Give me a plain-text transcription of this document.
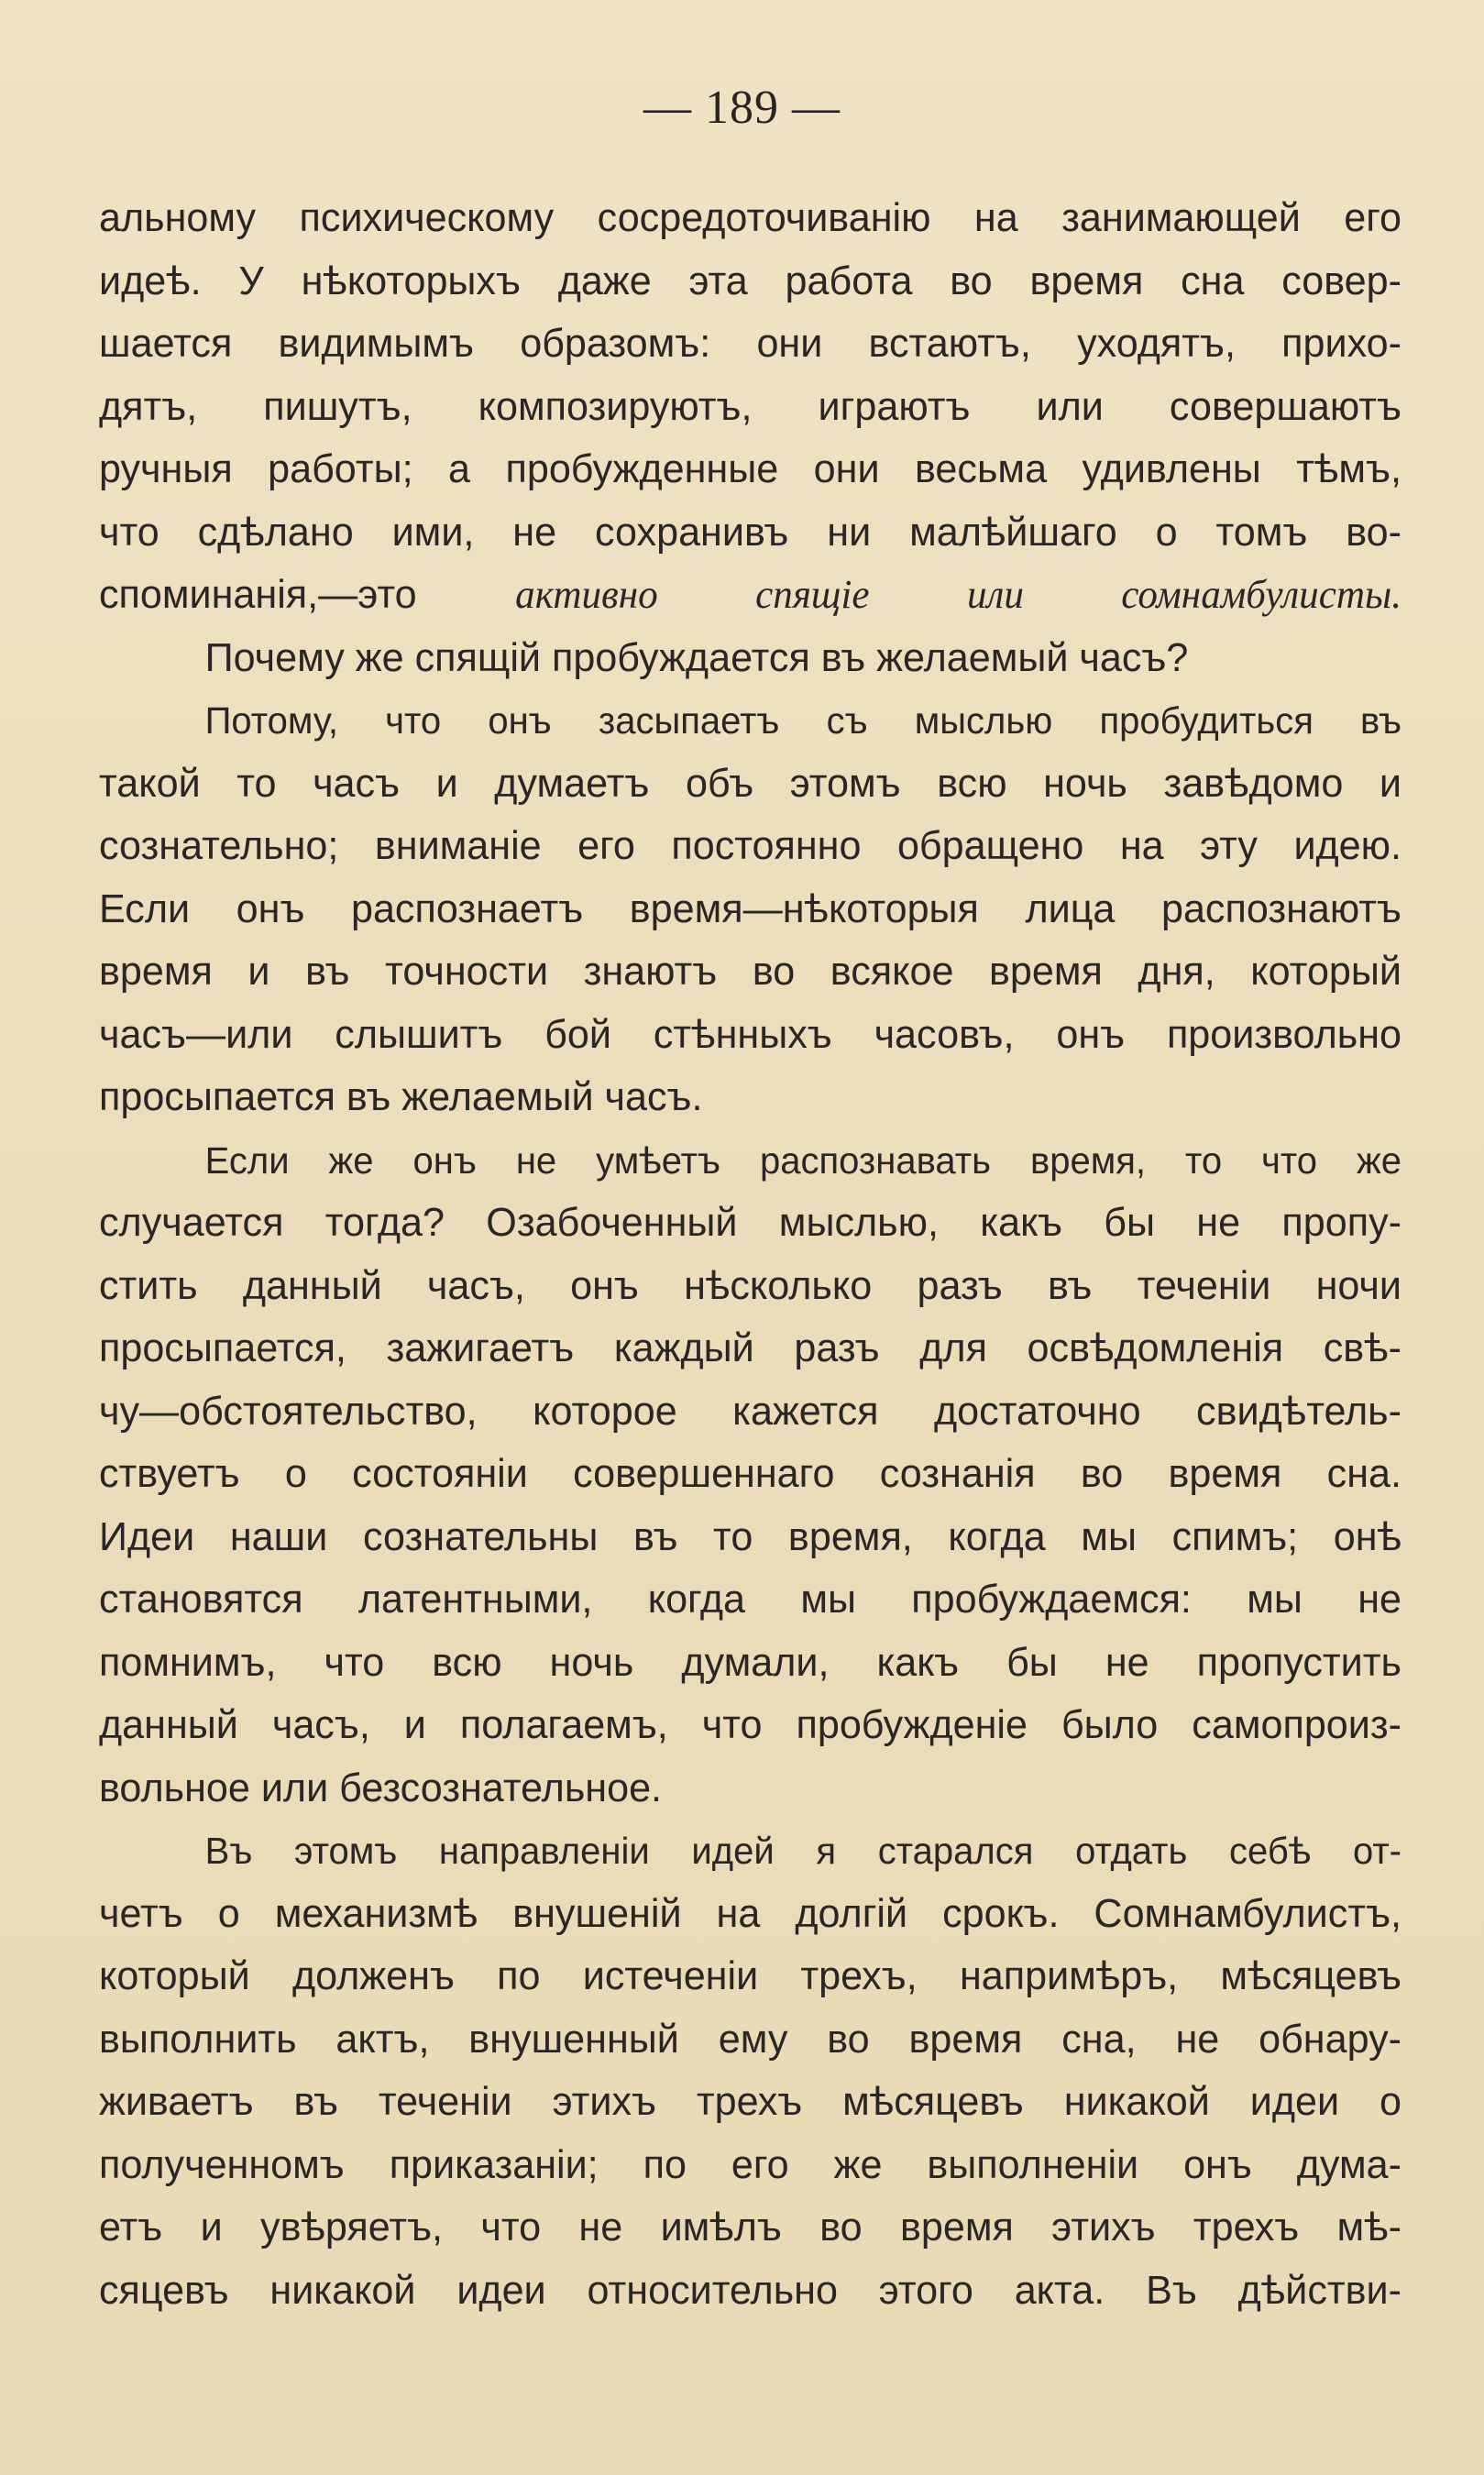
— 189 —
альному психическому сосредоточиванію на занимающей его
идеѣ. У нѣкоторыхъ даже эта работа во время сна совер-
шается видимымъ образомъ: они встаютъ, уходятъ, прихо-
дятъ, пишутъ, композируютъ, играютъ или совершаютъ
ручныя работы; а пробужденные они весьма удивлены тѣмъ,
что сдѣлано ими, не сохранивъ ни малѣйшаго о томъ во-
споминанія,—это активно спящіе или сомнамбулисты.
Почему же спящій пробуждается въ желаемый часъ?
Потому, что онъ засыпаетъ съ мыслью пробудиться въ
такой то часъ и думаетъ объ этомъ всю ночь завѣдомо и
сознательно; вниманіе его постоянно обращено на эту идею.
Если онъ распознаетъ время—нѣкоторыя лица распознаютъ
время и въ точности знаютъ во всякое время дня, который
часъ—или слышитъ бой стѣнныхъ часовъ, онъ произвольно
просыпается въ желаемый часъ.
Если же онъ не умѣетъ распознавать время, то что же
случается тогда? Озабоченный мыслью, какъ бы не пропу-
стить данный часъ, онъ нѣсколько разъ въ теченіи ночи
просыпается, зажигаетъ каждый разъ для освѣдомленія свѣ-
чу—обстоятельство, которое кажется достаточно свидѣтель-
ствуетъ о состояніи совершеннаго сознанія во время сна.
Идеи наши сознательны въ то время, когда мы спимъ; онѣ
становятся латентными, когда мы пробуждаемся: мы не
помнимъ, что всю ночь думали, какъ бы не пропустить
данный часъ, и полагаемъ, что пробужденіе было самопроиз-
вольное или безсознательное.
Въ этомъ направленіи идей я старался отдать себѣ от-
четъ о механизмѣ внушеній на долгій срокъ. Сомнамбулистъ,
который долженъ по истеченіи трехъ, напримѣръ, мѣсяцевъ
выполнить актъ, внушенный ему во время сна, не обнару-
живаетъ въ теченіи этихъ трехъ мѣсяцевъ никакой идеи о
полученномъ приказаніи; по его же выполненіи онъ дума-
етъ и увѣряетъ, что не имѣлъ во время этихъ трехъ мѣ-
сяцевъ никакой идеи относительно этого акта. Въ дѣйстви-
